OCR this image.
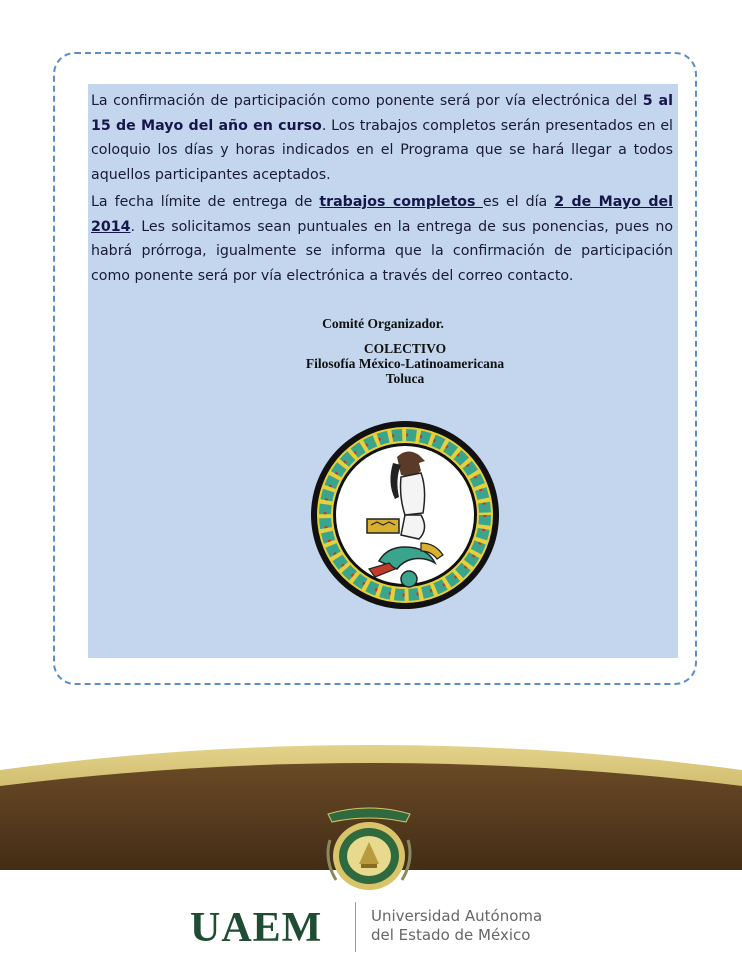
La confirmación de participación como ponente será por vía electrónica del 5 al 15 de Mayo del año en curso. Los trabajos completos serán presentados en el coloquio los días y horas indicados en el Programa que se hará llegar a todos aquellos participantes aceptados.

La fecha límite de entrega de trabajos completos es el día 2 de Mayo del 2014. Les solicitamos sean puntuales en la entrega de sus ponencias, pues no habrá prórroga, igualmente se informa que la confirmación de participación como ponente será por vía electrónica a través del correo contacto.

Comité Organizador.
COLECTIVO
Filosofía México-Latinoamericana
Toluca
UAEM	Universidad Autónoma
del Estado de México
